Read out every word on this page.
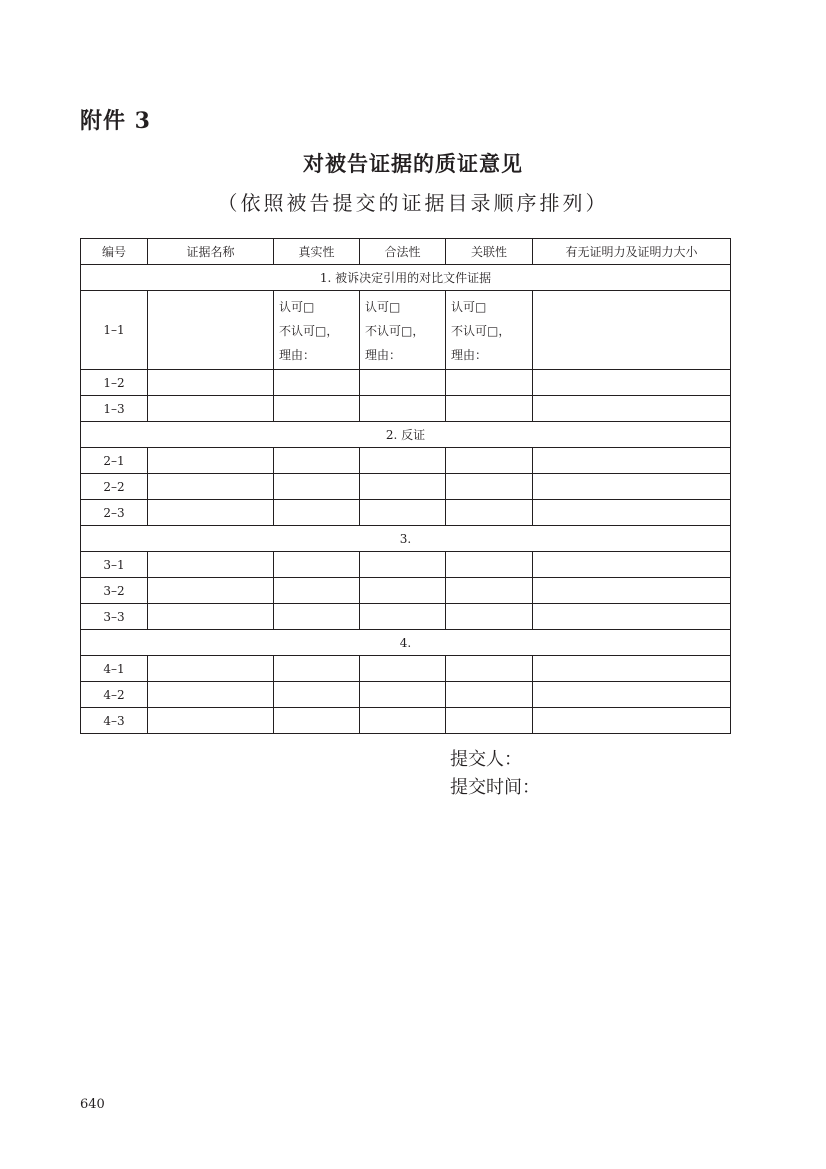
附件 3
对被告证据的质证意见
（依照被告提交的证据目录顺序排列）
编号	证据名称	真实性	合法性	关联性	有无证明力及证明力大小
1. 被诉决定引用的对比文件证据					
1–1		认可□
不认可□，
理由：	认可□
不认可□，
理由：	认可□
不认可□，
理由：	

1–2					
1–3					
2. 反证					
2–1					
2–2					
2–3					
3.					
3–1					
3–2					
3–3					
4.					
4–1					
4–2					
4–3					
提交人：
提交时间：
640
